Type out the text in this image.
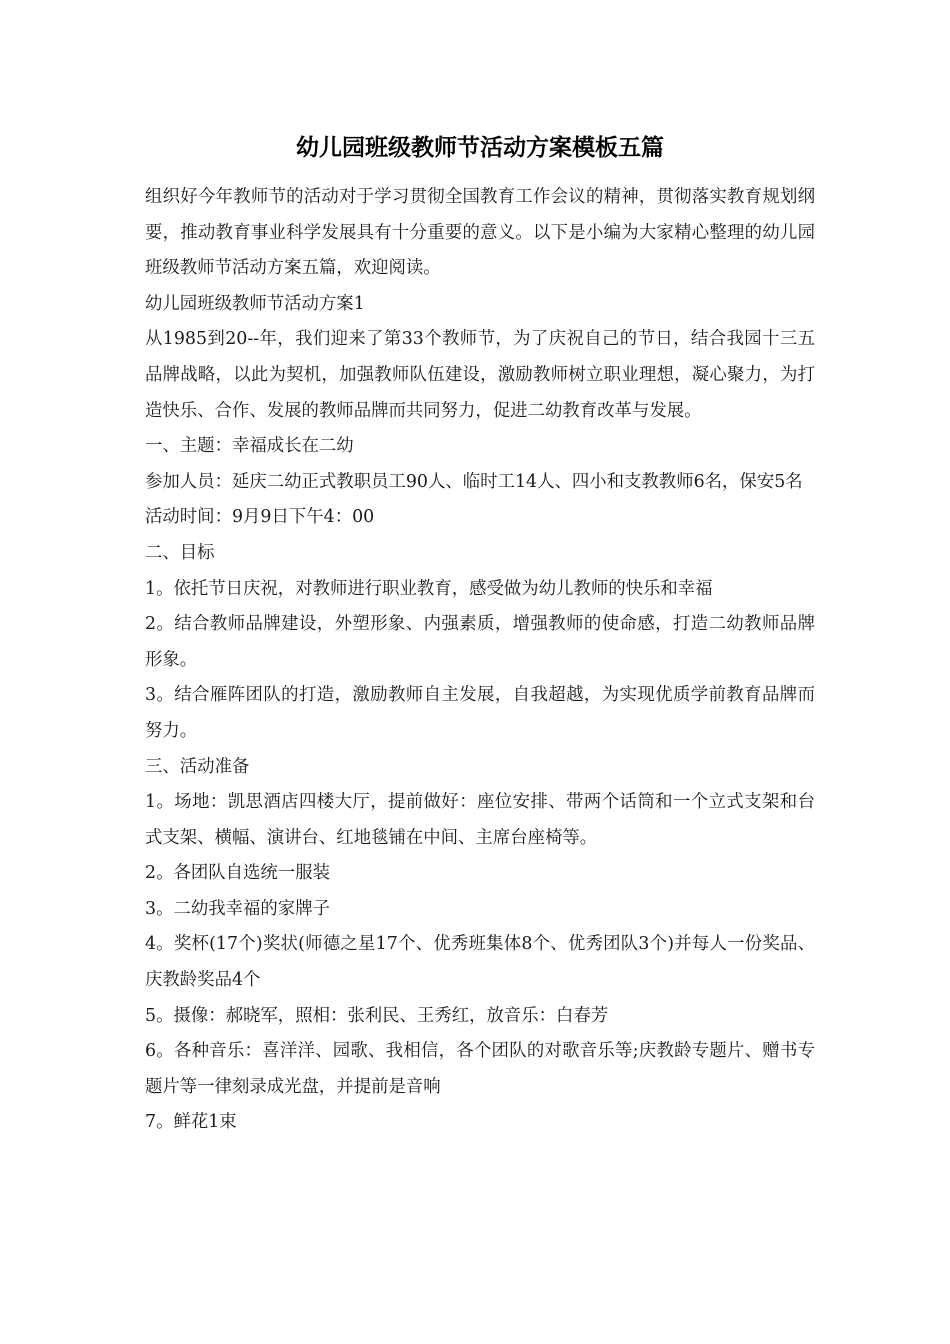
幼儿园班级教师节活动方案模板五篇

组织好今年教师节的活动对于学习贯彻全国教育工作会议的精神，贯彻落实教育规划纲要，推动教育事业科学发展具有十分重要的意义。以下是小编为大家精心整理的幼儿园班级教师节活动方案五篇，欢迎阅读。

幼儿园班级教师节活动方案1

从1985到20--年，我们迎来了第33个教师节，为了庆祝自己的节日，结合我园十三五品牌战略，以此为契机，加强教师队伍建设，激励教师树立职业理想，凝心聚力，为打造快乐、合作、发展的教师品牌而共同努力，促进二幼教育改革与发展。

一、主题：幸福成长在二幼

参加人员：延庆二幼正式教职员工90人、临时工14人、四小和支教教师6名，保安5名

活动时间：9月9日下午4：00

二、目标

1。依托节日庆祝，对教师进行职业教育，感受做为幼儿教师的快乐和幸福

2。结合教师品牌建设，外塑形象、内强素质，增强教师的使命感，打造二幼教师品牌形象。

3。结合雁阵团队的打造，激励教师自主发展，自我超越，为实现优质学前教育品牌而努力。

三、活动准备

1。场地：凯思酒店四楼大厅，提前做好：座位安排、带两个话筒和一个立式支架和台式支架、横幅、演讲台、红地毯铺在中间、主席台座椅等。

2。各团队自选统一服装

3。二幼我幸福的家牌子

4。奖杯(17个)奖状(师德之星17个、优秀班集体8个、优秀团队3个)并每人一份奖品、庆教龄奖品4个

5。摄像：郝晓军，照相：张利民、王秀红，放音乐：白春芳

6。各种音乐：喜洋洋、园歌、我相信，各个团队的对歌音乐等;庆教龄专题片、赠书专题片等一律刻录成光盘，并提前是音响

7。鲜花1束
